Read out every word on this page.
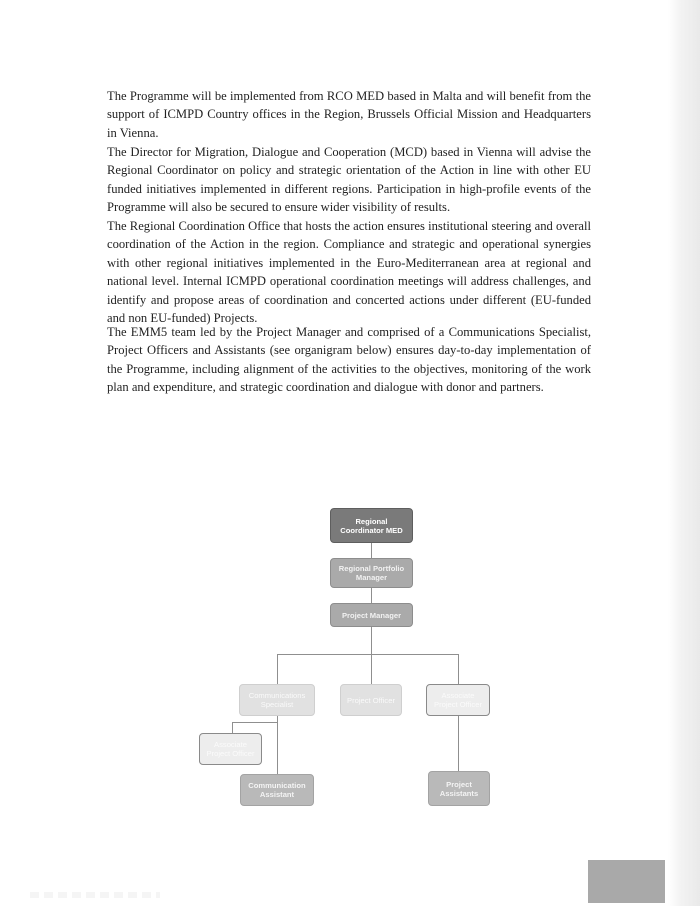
The Programme will be implemented from RCO MED based in Malta and will benefit from the support of ICMPD Country offices in the Region, Brussels Official Mission and Headquarters in Vienna.

The Director for Migration, Dialogue and Cooperation (MCD) based in Vienna will advise the Regional Coordinator on policy and strategic orientation of the Action in line with other EU funded initiatives implemented in different regions. Participation in high-profile events of the Programme will also be secured to ensure wider visibility of results.

The Regional Coordination Office that hosts the action ensures institutional steering and overall coordination of the Action in the region. Compliance and strategic and operational synergies with other regional initiatives implemented in the Euro-Mediterranean area at regional and national level. Internal ICMPD operational coordination meetings will address challenges, and identify and propose areas of coordination and concerted actions under different (EU-funded and non EU-funded) Projects.

The EMM5 team led by the Project Manager and comprised of a Communications Specialist, Project Officers and Assistants (see organigram below) ensures day-to-day implementation of the Programme, including alignment of the activities to the objectives, monitoring of the work plan and expenditure, and strategic coordination and dialogue with donor and partners.

Regional Coordinator MED
Regional Portfolio Manager
Project Manager
Communications Specialist	Project Officer	Associate Project Officer
Associate Project Officer
Communication Assistant
Project Assistants
